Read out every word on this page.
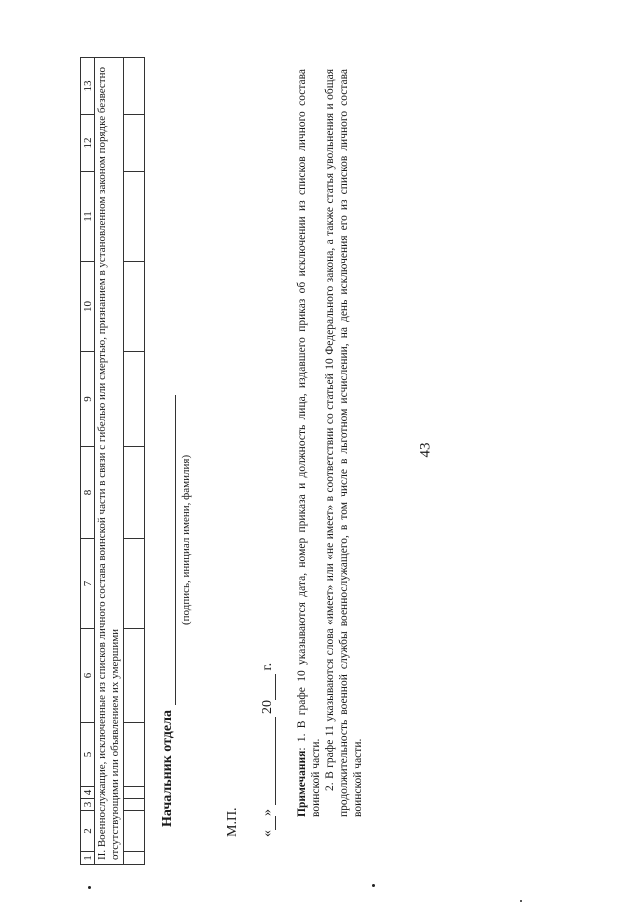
43
1	2	3	4	5	6	7	8	9	10	11	12	13
II. Военнослужащие, исключенные из списков личного состава воинской части в связи с гибелью или смертью, признанием в установленном законом порядке безвестно отсутствующими или объявлением их умершими												
													Начальник отдела
(подпись, инициал имени, фамилия)
М.П. «»  20 г.

Примечания: 1. В графе 10 указываются дата, номер приказа и должность лица, издавшего приказ об исключении из списков личного состава воинской части. 2. В графе 11 указываются слова «имеет» или «не имеет» в соответствии со статьей 10 Федерального закона, а также статья увольнения и общая продолжительность военной службы военнослужащего, в том числе в льготном исчислении, на день исключения его из списков личного состава воинской части.
